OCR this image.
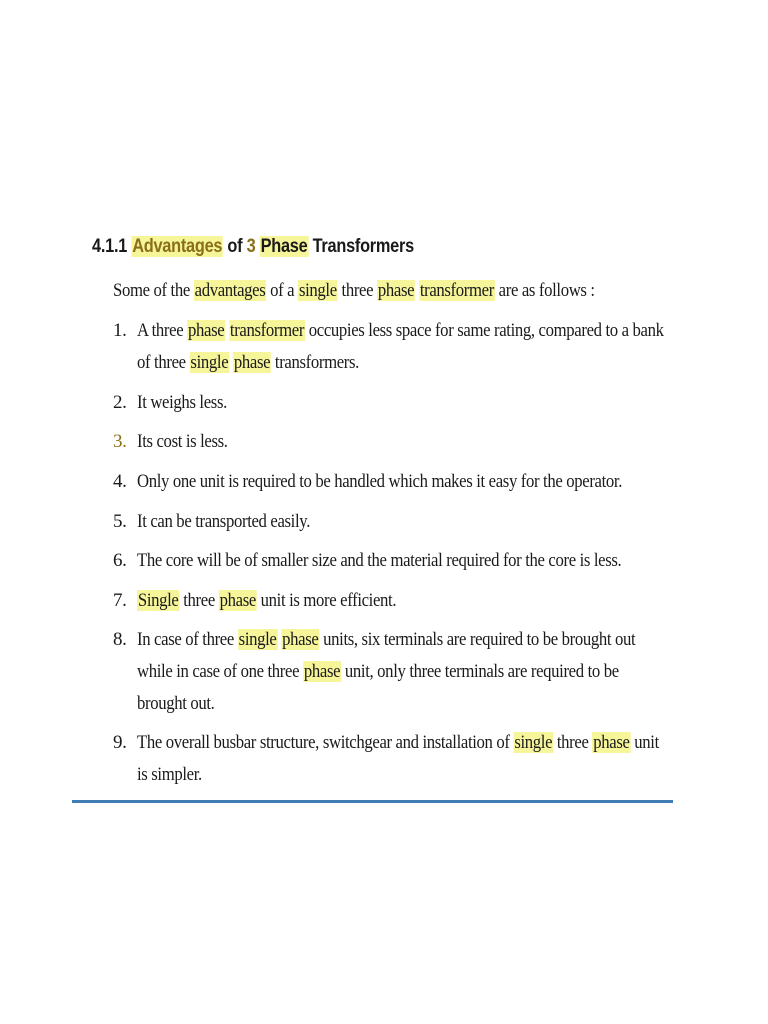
4.1.1 Advantages of 3 Phase Transformers
Some of the advantages of a single three phase transformer are as follows :
1. A three phase transformer occupies less space for same rating, compared to a bank
of three single phase transformers.
2. It weighs less.
3. Its cost is less.
4. Only one unit is required to be handled which makes it easy for the operator.
5. It can be transported easily.
6. The core will be of smaller size and the material required for the core is less.
7. Single three phase unit is more efficient.
8. In case of three single phase units, six terminals are required to be brought out
while in case of one three phase unit, only three terminals are required to be
brought out.
9. The overall busbar structure, switchgear and installation of single three phase unit
is simpler.
